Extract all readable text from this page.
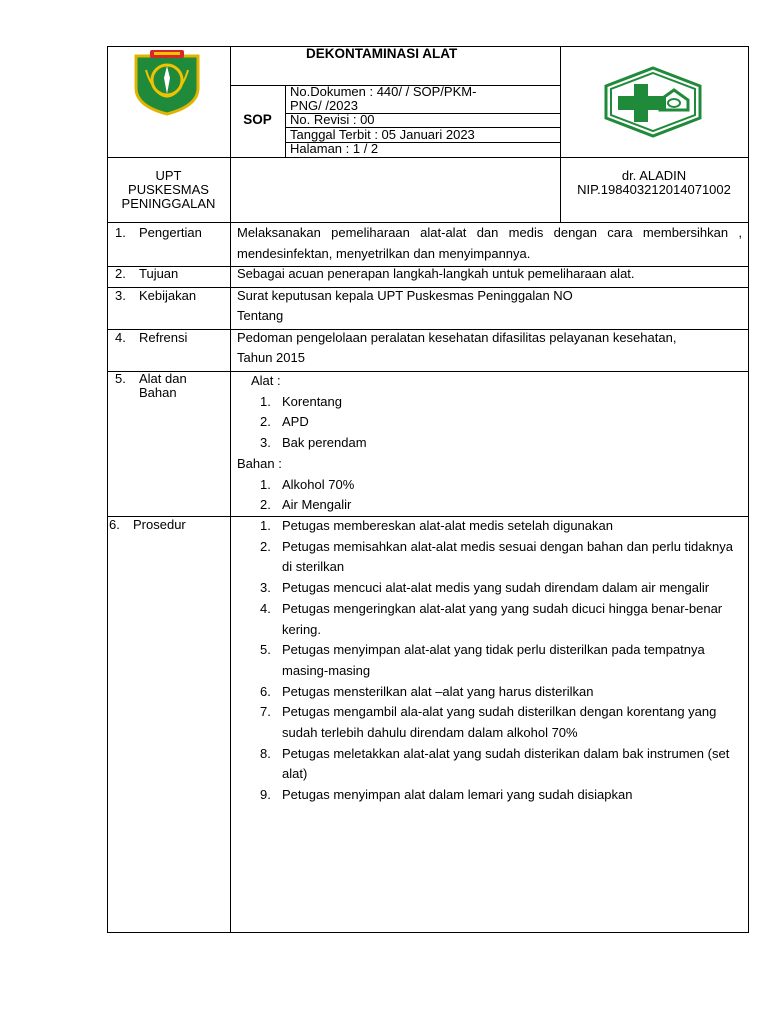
DEKONTAMINASI ALAT
SOP
No.Dokumen : 440/ / SOP/PKM-
PNG/ /2023
No. Revisi : 00
Tanggal Terbit : 05 Januari 2023
Halaman : 1 / 2
UPT
PUSKESMAS
PENINGGALAN
dr. ALADIN
NIP.198403212014071002
1. Pengertian
2. Tujuan
3. Kebijakan
4. Refrensi
5. Alat dan
Bahan
6. Prosedur
Melaksanakan pemeliharaan alat-alat dan medis dengan cara membersihkan , mendesinfektan, menyetrilkan dan menyimpannya.
Sebagai acuan penerapan langkah-langkah untuk pemeliharaan alat.
Surat keputusan kepala UPT Puskesmas Peninggalan NO
Tentang
Pedoman pengelolaan peralatan kesehatan difasilitas pelayanan kesehatan,
Tahun 2015
Alat :
1. Korentang
2. APD
3. Bak perendam
Bahan :
1. Alkohol 70%
2. Air Mengalir
1. Petugas membereskan alat-alat medis setelah digunakan
2. Petugas memisahkan alat-alat medis sesuai dengan bahan dan perlu tidaknya di sterilkan
3. Petugas mencuci alat-alat medis yang sudah direndam dalam air mengalir
4. Petugas mengeringkan alat-alat yang yang sudah dicuci hingga benar-benar kering.
5. Petugas menyimpan alat-alat yang tidak perlu disterilkan pada tempatnya masing-masing
6. Petugas mensterilkan alat –alat yang harus disterilkan
7. Petugas mengambil ala-alat yang sudah disterilkan dengan korentang yang sudah terlebih dahulu direndam dalam alkohol 70%
8. Petugas meletakkan alat-alat yang sudah disterikan dalam bak instrumen (set alat)
9. Petugas menyimpan alat dalam lemari yang sudah disiapkan
